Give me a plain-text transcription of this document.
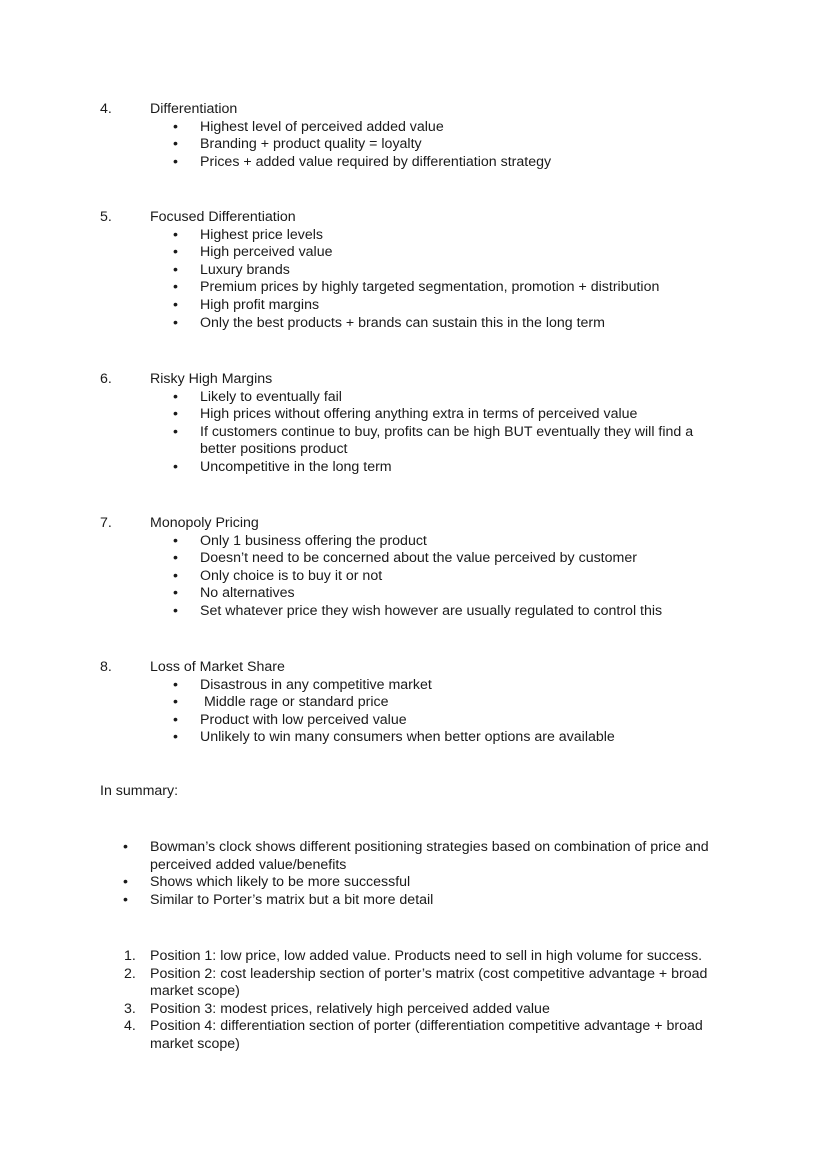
4.	Differentiation
• Highest level of perceived added value
• Branding + product quality = loyalty
• Prices + added value required by differentiation strategy
5.	Focused Differentiation
• Highest price levels
• High perceived value
• Luxury brands
• Premium prices by highly targeted segmentation, promotion + distribution
• High profit margins
• Only the best products + brands can sustain this in the long term
6.	Risky High Margins
• Likely to eventually fail
• High prices without offering anything extra in terms of perceived value
• If customers continue to buy, profits can be high BUT eventually they will find a better positions product
• Uncompetitive in the long term
7.	Monopoly Pricing
• Only 1 business offering the product
• Doesn’t need to be concerned about the value perceived by customer
• Only choice is to buy it or not
• No alternatives
• Set whatever price they wish however are usually regulated to control this
8.	Loss of Market Share
• Disastrous in any competitive market
• Middle rage or standard price
• Product with low perceived value
• Unlikely to win many consumers when better options are available
In summary:
• Bowman’s clock shows different positioning strategies based on combination of price and perceived added value/benefits
• Shows which likely to be more successful
• Similar to Porter’s matrix but a bit more detail
1. Position 1: low price, low added value. Products need to sell in high volume for success.
2. Position 2: cost leadership section of porter’s matrix (cost competitive advantage + broad market scope)
3. Position 3: modest prices, relatively high perceived added value
4. Position 4: differentiation section of porter (differentiation competitive advantage + broad market scope)
